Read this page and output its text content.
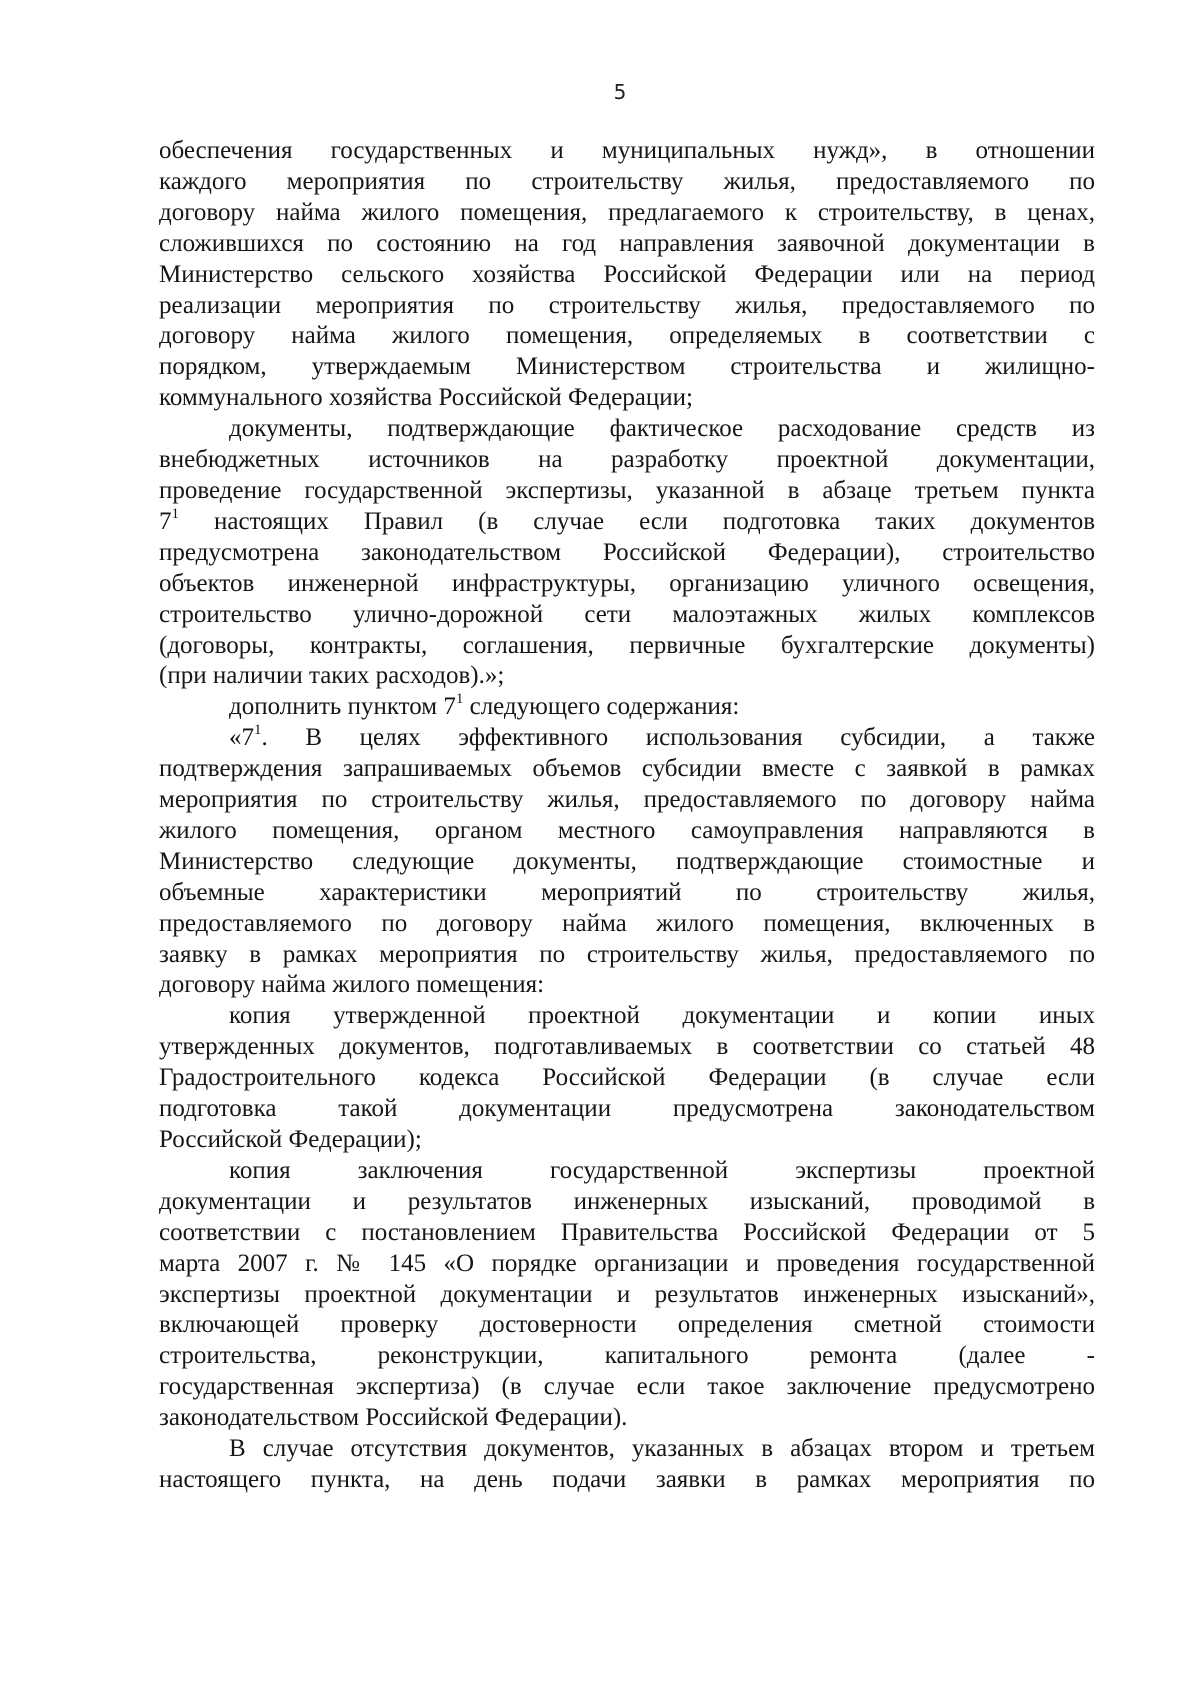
5
обеспечения государственных и муниципальных нужд», в отношении
каждого мероприятия по строительству жилья, предоставляемого по
договору найма жилого помещения, предлагаемого к строительству, в ценах,
сложившихся по состоянию на год направления заявочной документации в
Министерство сельского хозяйства Российской Федерации или на период
реализации мероприятия по строительству жилья, предоставляемого по
договору найма жилого помещения, определяемых в соответствии с
порядком, утверждаемым Министерством строительства и жилищно-
коммунального хозяйства Российской Федерации;
документы, подтверждающие фактическое расходование средств из
внебюджетных источников на разработку проектной документации,
проведение государственной экспертизы, указанной в абзаце третьем пункта
$7^1$ настоящих Правил (в случае если подготовка таких документов
предусмотрена законодательством Российской Федерации), строительство
объектов инженерной инфраструктуры, организацию уличного освещения,
строительство улично-дорожной сети малоэтажных жилых комплексов
(договоры, контракты, соглашения, первичные бухгалтерские документы)
(при наличии таких расходов).»;
дополнить пунктом $7^1$ следующего содержания:
«$7^1$. В целях эффективного использования субсидии, а также
подтверждения запрашиваемых объемов субсидии вместе с заявкой в рамках
мероприятия по строительству жилья, предоставляемого по договору найма
жилого помещения, органом местного самоуправления направляются в
Министерство следующие документы, подтверждающие стоимостные и
объемные характеристики мероприятий по строительству жилья,
предоставляемого по договору найма жилого помещения, включенных в
заявку в рамках мероприятия по строительству жилья, предоставляемого по
договору найма жилого помещения:
копия утвержденной проектной документации и копии иных
утвержденных документов, подготавливаемых в соответствии со статьей 48
Градостроительного кодекса Российской Федерации (в случае если
подготовка такой документации предусмотрена законодательством
Российской Федерации);
копия заключения государственной экспертизы проектной
документации и результатов инженерных изысканий, проводимой в
соответствии с постановлением Правительства Российской Федерации от 5
марта 2007 г. № 145 «О порядке организации и проведения государственной
экспертизы проектной документации и результатов инженерных изысканий»,
включающей проверку достоверности определения сметной стоимости
строительства, реконструкции, капитального ремонта (далее -
государственная экспертиза) (в случае если такое заключение предусмотрено
законодательством Российской Федерации).
В случае отсутствия документов, указанных в абзацах втором и третьем
настоящего пункта, на день подачи заявки в рамках мероприятия по
